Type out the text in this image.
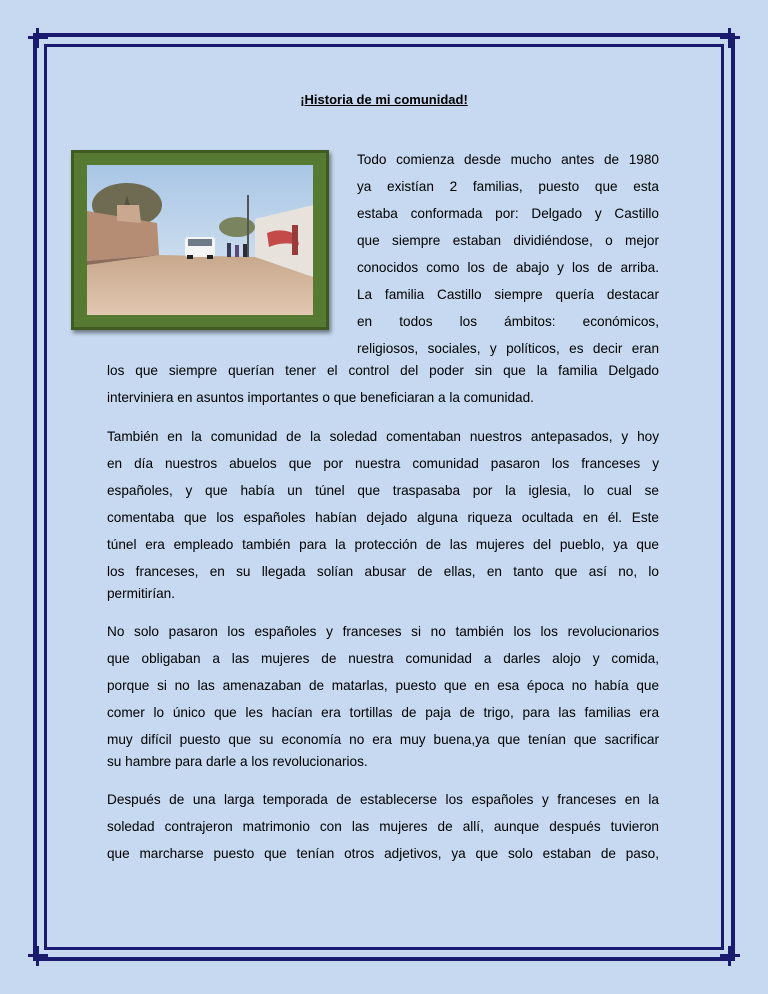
¡Historia de mi comunidad!
Todo comienza desde mucho antes de 1980
ya existían 2 familias, puesto que esta
estaba conformada por: Delgado y Castillo
que siempre estaban dividiéndose, o mejor
conocidos como los de abajo y los de arriba.
La familia Castillo siempre quería destacar
en todos los ámbitos: económicos,
religiosos, sociales, y políticos, es decir eran
los que siempre querían tener el control del poder sin que la familia Delgado
interviniera en asuntos importantes o que beneficiaran a la comunidad.
También en la comunidad de la soledad comentaban nuestros antepasados, y hoy
en día nuestros abuelos que por nuestra comunidad pasaron los franceses y
españoles, y que había un túnel que traspasaba por la iglesia, lo cual se
comentaba que los españoles habían dejado alguna riqueza ocultada en él. Este
túnel era empleado también para la protección de las mujeres del pueblo, ya que
los franceses, en su llegada solían abusar de ellas, en tanto que así no, lo
permitirían.
No solo pasaron los españoles y franceses si no también los los revolucionarios
que obligaban a las mujeres de nuestra comunidad a darles alojo y comida,
porque si no las amenazaban de matarlas, puesto que en esa época no había que
comer lo único que les hacían era tortillas de paja de trigo, para las familias era
muy difícil puesto que su economía no era muy buena,ya que tenían que sacrificar
su hambre para darle a los revolucionarios.
Después de una larga temporada de establecerse los españoles y franceses en la
soledad contrajeron matrimonio con las mujeres de allí, aunque después tuvieron
que marcharse puesto que tenían otros adjetivos, ya que solo estaban de paso,
